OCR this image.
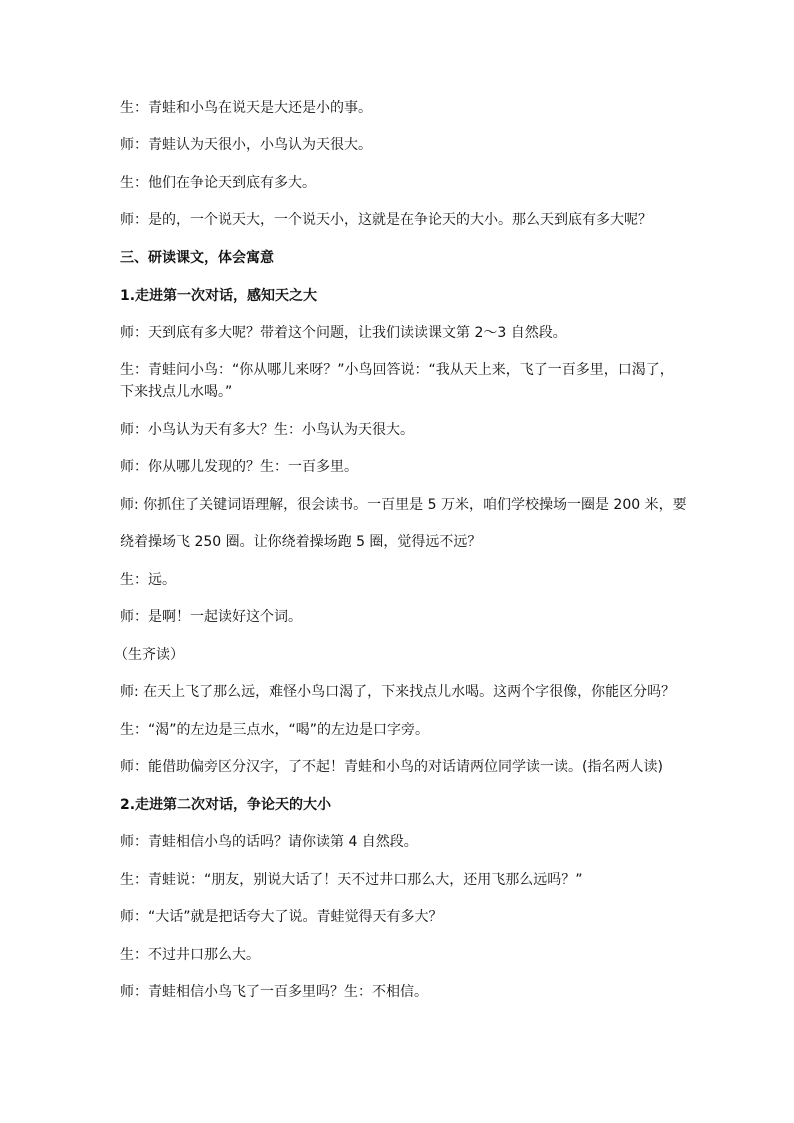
生：青蛙和小鸟在说天是大还是小的事。
师：青蛙认为天很小，小鸟认为天很大。
生：他们在争论天到底有多大。
师：是的，一个说天大，一个说天小，这就是在争论天的大小。那么天到底有多大呢？
三、研读课文，体会寓意
1.走进第一次对话，感知天之大
师：天到底有多大呢？带着这个问题，让我们读读课文第 2～3 自然段。
生：青蛙问小鸟：“你从哪儿来呀？”小鸟回答说：“我从天上来，飞了一百多里，口渴了，
下来找点儿水喝。”
师：小鸟认为天有多大？生：小鸟认为天很大。
师：你从哪儿发现的？生：一百多里。
师: 你抓住了关键词语理解，很会读书。一百里是 5 万米，咱们学校操场一圈是 200 米，要
绕着操场飞 250 圈。让你绕着操场跑 5 圈，觉得远不远？
生：远。
师：是啊！一起读好这个词。
（生齐读）
师: 在天上飞了那么远，难怪小鸟口渴了，下来找点儿水喝。这两个字很像，你能区分吗？
生：“渴”的左边是三点水，“喝”的左边是口字旁。
师：能借助偏旁区分汉字，了不起！青蛙和小鸟的对话请两位同学读一读。(指名两人读)
2.走进第二次对话，争论天的大小
师：青蛙相信小鸟的话吗？请你读第 4 自然段。
生：青蛙说：“朋友，别说大话了！天不过井口那么大，还用飞那么远吗？”
师：“大话”就是把话夸大了说。青蛙觉得天有多大？
生：不过井口那么大。
师：青蛙相信小鸟飞了一百多里吗？生：不相信。
